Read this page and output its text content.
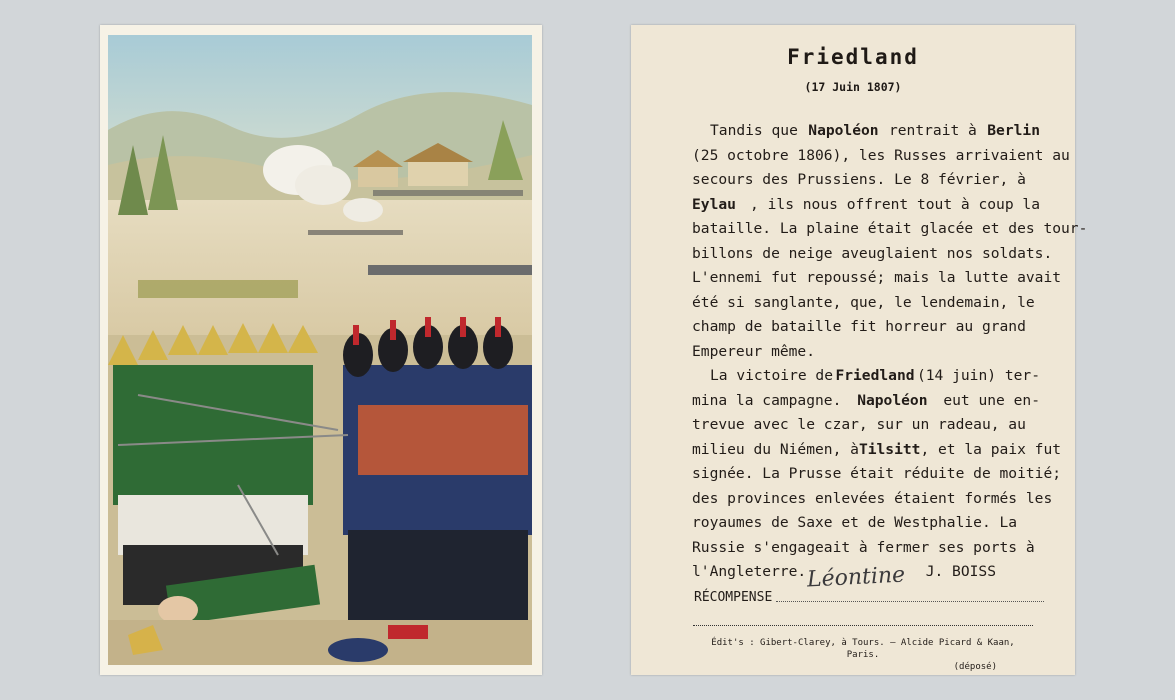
Friedland
(17 Juin 1807)
Tandis que Napoléon rentrait à Berlin
(25 octobre 1806), les Russes arrivaient au
secours des Prussiens. Le 8 février, à
Eylau , ils nous offrent tout à coup la
bataille. La plaine était glacée et des tour-
billons de neige aveuglaient nos soldats.
L'ennemi fut repoussé; mais la lutte avait
été si sanglante, que, le lendemain, le
champ de bataille fit horreur au grand
Empereur même.
La victoire de Friedland (14 juin) ter-
mina la campagne. Napoléon eut une en-
trevue avec le czar, sur un radeau, au
milieu du Niémen, à Tilsitt , et la paix fut
signée. La Prusse était réduite de moitié;
des provinces enlevées étaient formés les
royaumes de Saxe et de Westphalie. La
Russie s'engageait à fermer ses ports à
l'Angleterre.	J. BOISS
RÉCOMPENSE
Léontine
Édit's : Gibert-Clarey, à Tours. — Alcide Picard & Kaan, Paris.
(déposé)
